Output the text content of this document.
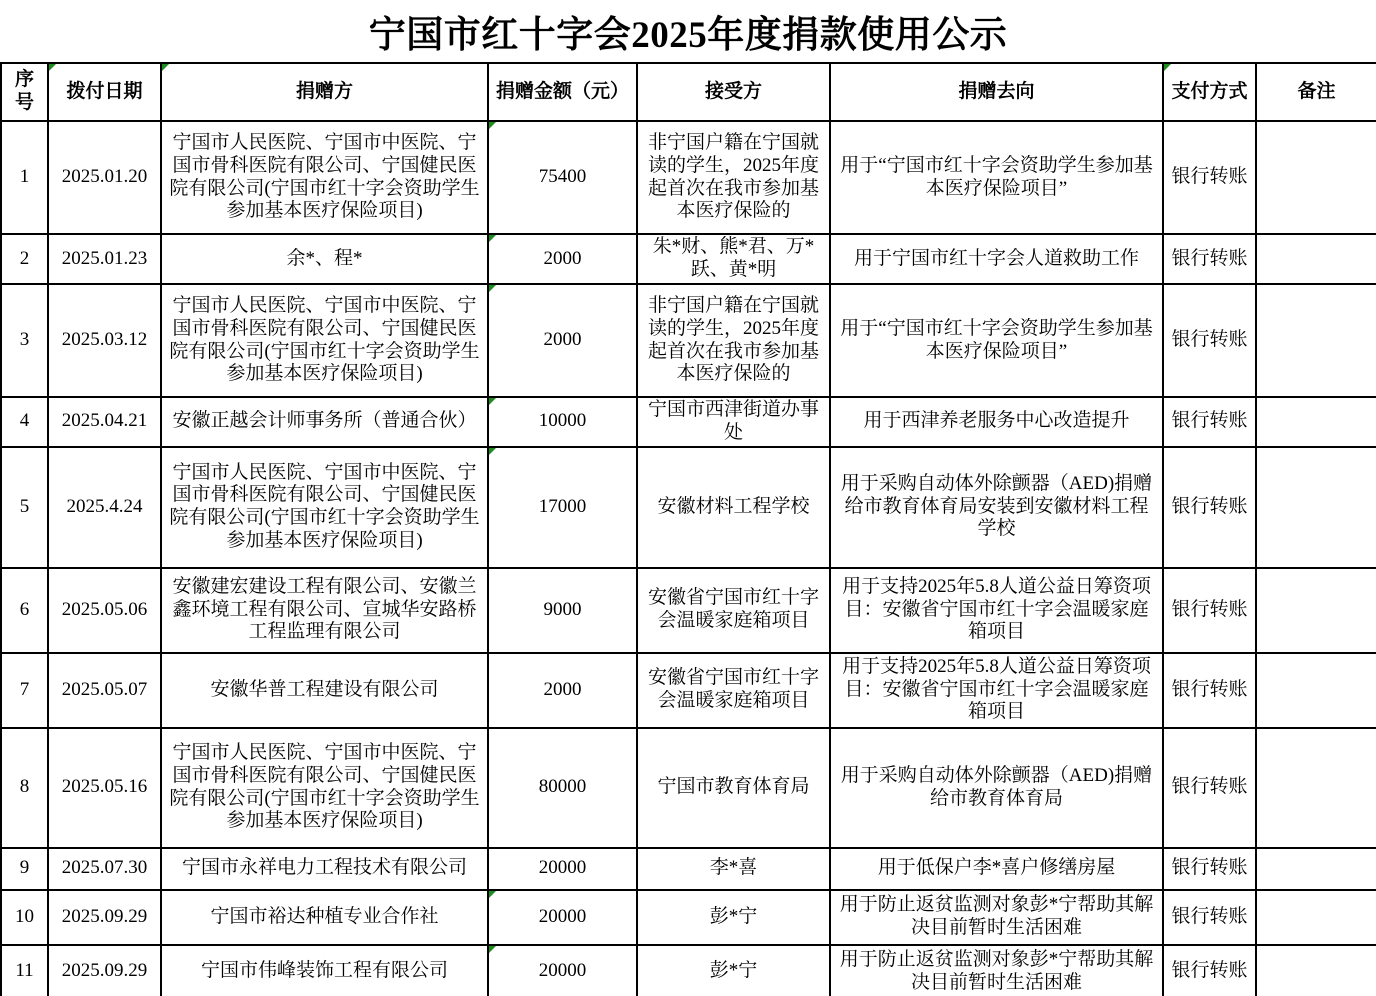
宁国市红十字会2025年度捐款使用公示
序号	拨付日期	捐赠方	捐赠金额（元）	接受方	捐赠去向	支付方式	备注
1	2025.01.20	宁国市人民医院、宁国市中医院、宁国市骨科医院有限公司、宁国健民医院有限公司(宁国市红十字会资助学生参加基本医疗保险项目)	75400	非宁国户籍在宁国就读的学生，2025年度起首次在我市参加基本医疗保险的	用于“宁国市红十字会资助学生参加基本医疗保险项目”	银行转账	
2	2025.01.23	余*、程*	2000	朱*财、熊*君、万*跃、黄*明	用于宁国市红十字会人道救助工作	银行转账	
3	2025.03.12	宁国市人民医院、宁国市中医院、宁国市骨科医院有限公司、宁国健民医院有限公司(宁国市红十字会资助学生参加基本医疗保险项目)	2000	非宁国户籍在宁国就读的学生，2025年度起首次在我市参加基本医疗保险的	用于“宁国市红十字会资助学生参加基本医疗保险项目”	银行转账	
4	2025.04.21	安徽正越会计师事务所（普通合伙）	10000	宁国市西津街道办事处	用于西津养老服务中心改造提升	银行转账	
5	2025.4.24	宁国市人民医院、宁国市中医院、宁国市骨科医院有限公司、宁国健民医院有限公司(宁国市红十字会资助学生参加基本医疗保险项目)	17000	安徽材料工程学校	用于采购自动体外除颤器（AED)捐赠给市教育体育局安装到安徽材料工程学校	银行转账	
6	2025.05.06	安徽建宏建设工程有限公司、安徽兰鑫环境工程有限公司、宣城华安路桥工程监理有限公司	9000	安徽省宁国市红十字会温暖家庭箱项目	用于支持2025年5.8人道公益日筹资项目：安徽省宁国市红十字会温暖家庭箱项目	银行转账	
7	2025.05.07	安徽华普工程建设有限公司	2000	安徽省宁国市红十字会温暖家庭箱项目	用于支持2025年5.8人道公益日筹资项目：安徽省宁国市红十字会温暖家庭箱项目	银行转账	
8	2025.05.16	宁国市人民医院、宁国市中医院、宁国市骨科医院有限公司、宁国健民医院有限公司(宁国市红十字会资助学生参加基本医疗保险项目)	80000	宁国市教育体育局	用于采购自动体外除颤器（AED)捐赠给市教育体育局	银行转账	
9	2025.07.30	宁国市永祥电力工程技术有限公司	20000	李*喜	用于低保户李*喜户修缮房屋	银行转账	
10	2025.09.29	宁国市裕达种植专业合作社	20000	彭*宁	用于防止返贫监测对象彭*宁帮助其解决目前暂时生活困难	银行转账	
11	2025.09.29	宁国市伟峰装饰工程有限公司	20000	彭*宁	用于防止返贫监测对象彭*宁帮助其解决目前暂时生活困难	银行转账	
